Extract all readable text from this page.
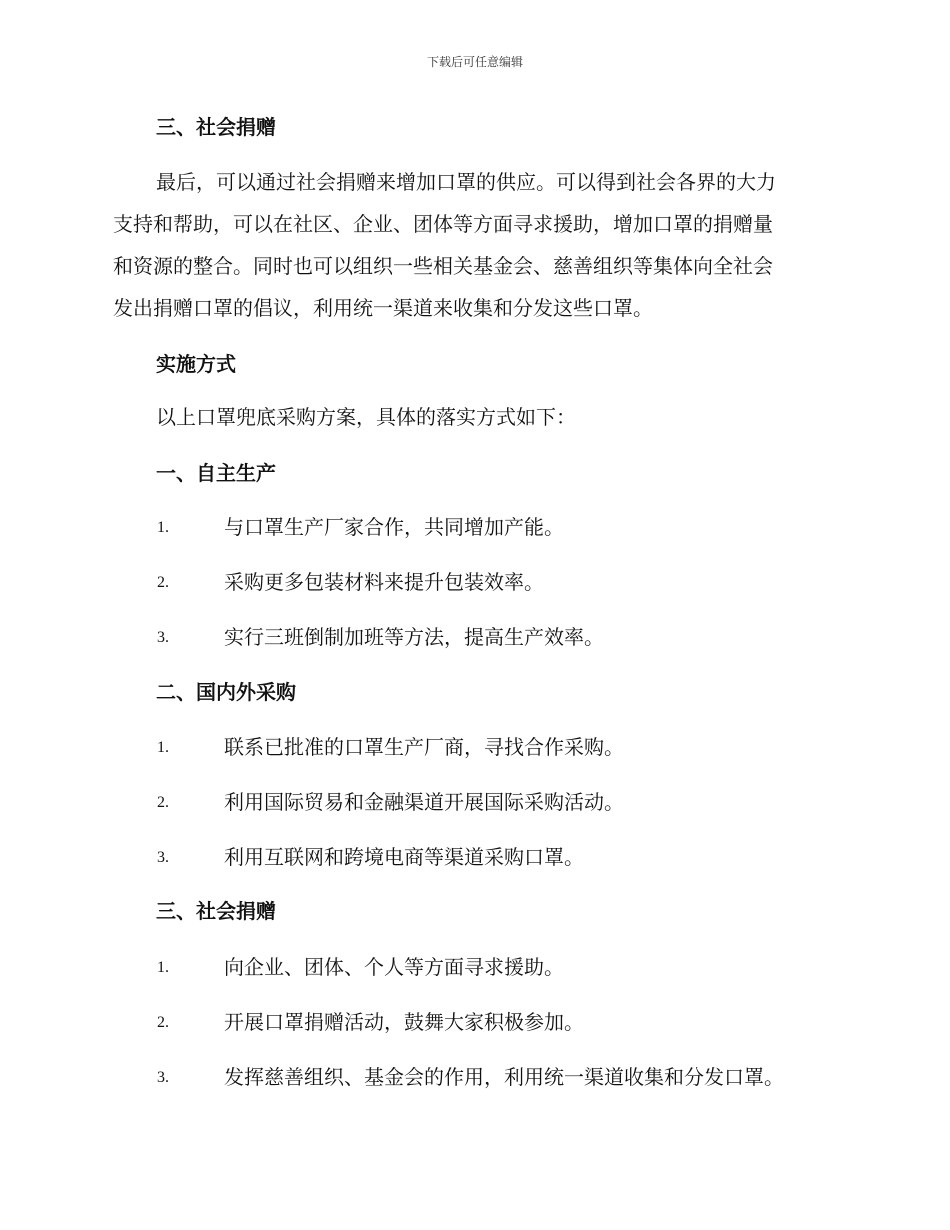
下载后可任意编辑
三、社会捐赠
最后，可以通过社会捐赠来增加口罩的供应。可以得到社会各界的大力
支持和帮助，可以在社区、企业、团体等方面寻求援助，增加口罩的捐赠量
和资源的整合。同时也可以组织一些相关基金会、慈善组织等集体向全社会
发出捐赠口罩的倡议，利用统一渠道来收集和分发这些口罩。
实施方式
以上口罩兜底采购方案，具体的落实方式如下：
一、自主生产
1.	与口罩生产厂家合作，共同增加产能。
2.	采购更多包装材料来提升包装效率。
3.	实行三班倒制加班等方法，提高生产效率。
二、国内外采购
1.	联系已批准的口罩生产厂商，寻找合作采购。
2.	利用国际贸易和金融渠道开展国际采购活动。
3.	利用互联网和跨境电商等渠道采购口罩。
三、社会捐赠
1.	向企业、团体、个人等方面寻求援助。
2.	开展口罩捐赠活动，鼓舞大家积极参加。
3.	发挥慈善组织、基金会的作用，利用统一渠道收集和分发口罩。
